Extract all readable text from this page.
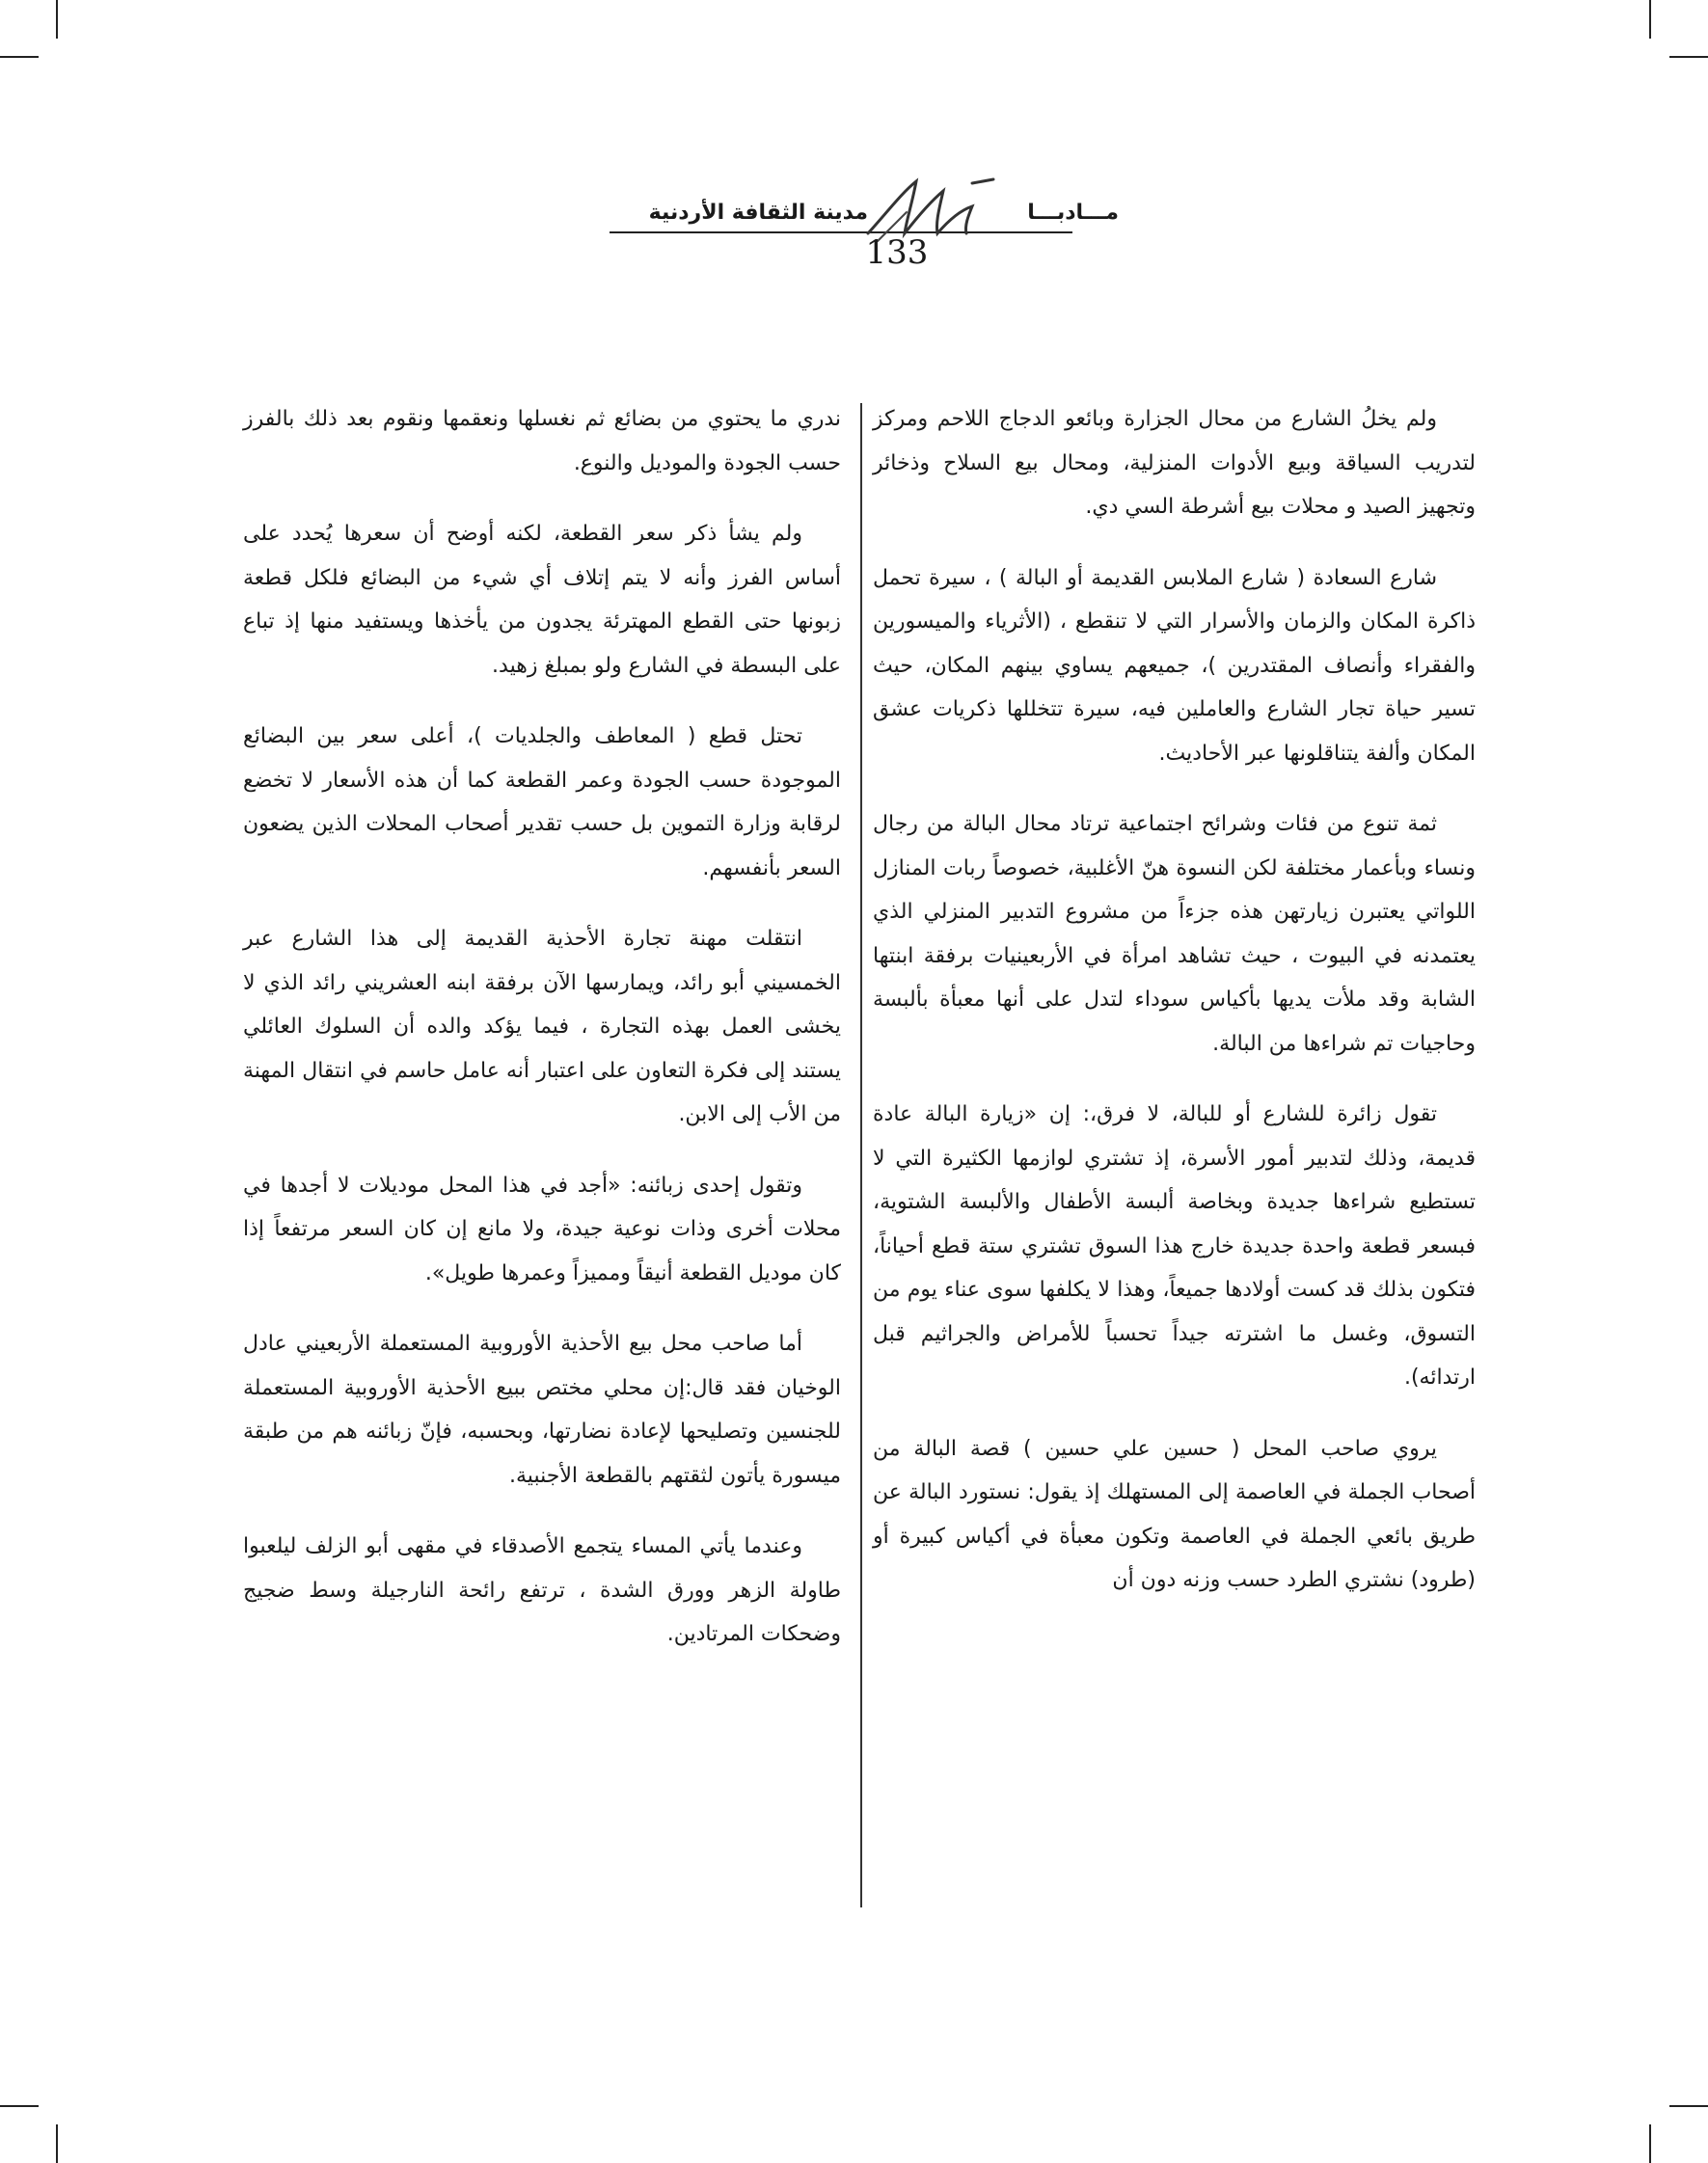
مـــادبـــا
مدينة الثقافة الأردنية
133

ولم يخلُ الشارع من محال الجزارة وبائعو الدجاج اللاحم ومركز لتدريب السياقة وبيع الأدوات المنزلية، ومحال بيع السلاح وذخائر وتجهيز الصيد و محلات بيع أشرطة السي دي.

شارع السعادة ( شارع الملابس القديمة أو البالة ) ، سيرة تحمل ذاكرة المكان والزمان والأسرار التي لا تنقطع ، (الأثرياء والميسورين والفقراء وأنصاف المقتدرين )، جميعهم يساوي بينهم المكان، حيث تسير حياة تجار الشارع والعاملين فيه، سيرة تتخللها ذكريات عشق المكان وألفة يتناقلونها عبر الأحاديث.

ثمة تنوع من فئات وشرائح اجتماعية ترتاد محال البالة من رجال ونساء وبأعمار مختلفة لكن النسوة هنّ الأغلبية، خصوصاً ربات المنازل اللواتي يعتبرن زيارتهن هذه جزءاً من مشروع التدبير المنزلي الذي يعتمدنه في البيوت ، حيث تشاهد امرأة في الأربعينيات برفقة ابنتها الشابة وقد ملأت يديها بأكياس سوداء لتدل على أنها معبأة بألبسة وحاجيات تم شراءها من البالة.

تقول زائرة للشارع أو للبالة، لا فرق،: إن «زيارة البالة عادة قديمة، وذلك لتدبير أمور الأسرة، إذ تشتري لوازمها الكثيرة التي لا تستطيع شراءها جديدة وبخاصة ألبسة الأطفال والألبسة الشتوية، فبسعر قطعة واحدة جديدة خارج هذا السوق تشتري ستة قطع أحياناً، فتكون بذلك قد كست أولادها جميعاً، وهذا لا يكلفها سوى عناء يوم من التسوق، وغسل ما اشترته جيداً تحسباً للأمراض والجراثيم قبل ارتدائه).

يروي صاحب المحل ( حسين علي حسين ) قصة البالة من أصحاب الجملة في العاصمة إلى المستهلك إذ يقول: نستورد البالة عن طريق بائعي الجملة في العاصمة وتكون معبأة في أكياس كبيرة أو (طرود) نشتري الطرد حسب وزنه دون أن

ندري ما يحتوي من بضائع ثم نغسلها ونعقمها ونقوم بعد ذلك بالفرز حسب الجودة والموديل والنوع.

ولم يشأ ذكر سعر القطعة، لكنه أوضح أن سعرها يُحدد على أساس الفرز وأنه لا يتم إتلاف أي شيء من البضائع فلكل قطعة زبونها حتى القطع المهترئة يجدون من يأخذها ويستفيد منها إذ تباع على البسطة في الشارع ولو بمبلغ زهيد.

تحتل قطع ( المعاطف والجلديات )، أعلى سعر بين البضائع الموجودة حسب الجودة وعمر القطعة كما أن هذه الأسعار لا تخضع لرقابة وزارة التموين بل حسب تقدير أصحاب المحلات الذين يضعون السعر بأنفسهم.

انتقلت مهنة تجارة الأحذية القديمة إلى هذا الشارع عبر الخمسيني أبو رائد، ويمارسها الآن برفقة ابنه العشريني رائد الذي لا يخشى العمل بهذه التجارة ، فيما يؤكد والده أن السلوك العائلي يستند إلى فكرة التعاون على اعتبار أنه عامل حاسم في انتقال المهنة من الأب إلى الابن.

وتقول إحدى زبائنه: «أجد في هذا المحل موديلات لا أجدها في محلات أخرى وذات نوعية جيدة، ولا مانع إن كان السعر مرتفعاً إذا كان موديل القطعة أنيقاً ومميزاً وعمرها طويل».

أما صاحب محل بيع الأحذية الأوروبية المستعملة الأربعيني عادل الوخيان فقد قال:إن محلي مختص ببيع الأحذية الأوروبية المستعملة للجنسين وتصليحها لإعادة نضارتها، وبحسبه، فإنّ زبائنه هم من طبقة ميسورة يأتون لثقتهم بالقطعة الأجنبية.

وعندما يأتي المساء يتجمع الأصدقاء في مقهى أبو الزلف ليلعبوا طاولة الزهر وورق الشدة ، ترتفع رائحة النارجيلة وسط ضجيج وضحكات المرتادين.
